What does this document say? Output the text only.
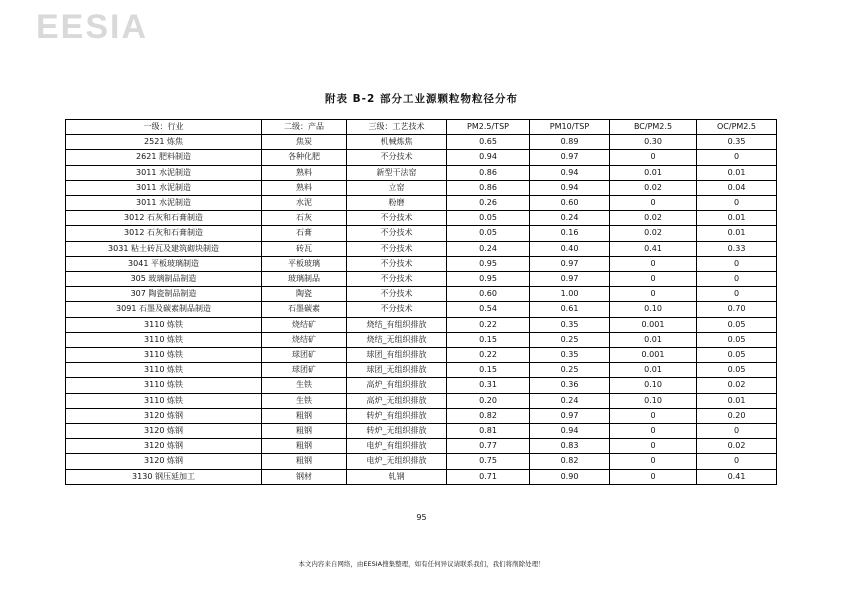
EESIA
附表 B-2 部分工业源颗粒物粒径分布
一级：行业	二级：产品	三级：工艺技术	PM2.5/TSP	PM10/TSP	BC/PM2.5	OC/PM2.5
2521 炼焦	焦炭	机械炼焦	0.65	0.89	0.30	0.35
2621 肥料制造	各种化肥	不分技术	0.94	0.97	0	0
3011 水泥制造	熟料	新型干法窑	0.86	0.94	0.01	0.01
3011 水泥制造	熟料	立窑	0.86	0.94	0.02	0.04
3011 水泥制造	水泥	粉磨	0.26	0.60	0	0
3012 石灰和石膏制造	石灰	不分技术	0.05	0.24	0.02	0.01
3012 石灰和石膏制造	石膏	不分技术	0.05	0.16	0.02	0.01
3031 粘土砖瓦及建筑砌块制造	砖瓦	不分技术	0.24	0.40	0.41	0.33
3041 平板玻璃制造	平板玻璃	不分技术	0.95	0.97	0	0
305 玻璃制品制造	玻璃制品	不分技术	0.95	0.97	0	0
307 陶瓷制品制造	陶瓷	不分技术	0.60	1.00	0	0
3091 石墨及碳素制品制造	石墨碳素	不分技术	0.54	0.61	0.10	0.70
3110 炼铁	烧结矿	烧结_有组织排放	0.22	0.35	0.001	0.05
3110 炼铁	烧结矿	烧结_无组织排放	0.15	0.25	0.01	0.05
3110 炼铁	球团矿	球团_有组织排放	0.22	0.35	0.001	0.05
3110 炼铁	球团矿	球团_无组织排放	0.15	0.25	0.01	0.05
3110 炼铁	生铁	高炉_有组织排放	0.31	0.36	0.10	0.02
3110 炼铁	生铁	高炉_无组织排放	0.20	0.24	0.10	0.01
3120 炼钢	粗钢	转炉_有组织排放	0.82	0.97	0	0.20
3120 炼钢	粗钢	转炉_无组织排放	0.81	0.94	0	0
3120 炼钢	粗钢	电炉_有组织排放	0.77	0.83	0	0.02
3120 炼钢	粗钢	电炉_无组织排放	0.75	0.82	0	0
3130 钢压延加工	钢材	轧钢	0.71	0.90	0	0.41
95
本文内容来自网络，由EESIA搜集整理，如有任何异议请联系我们，我们将削除处理！
